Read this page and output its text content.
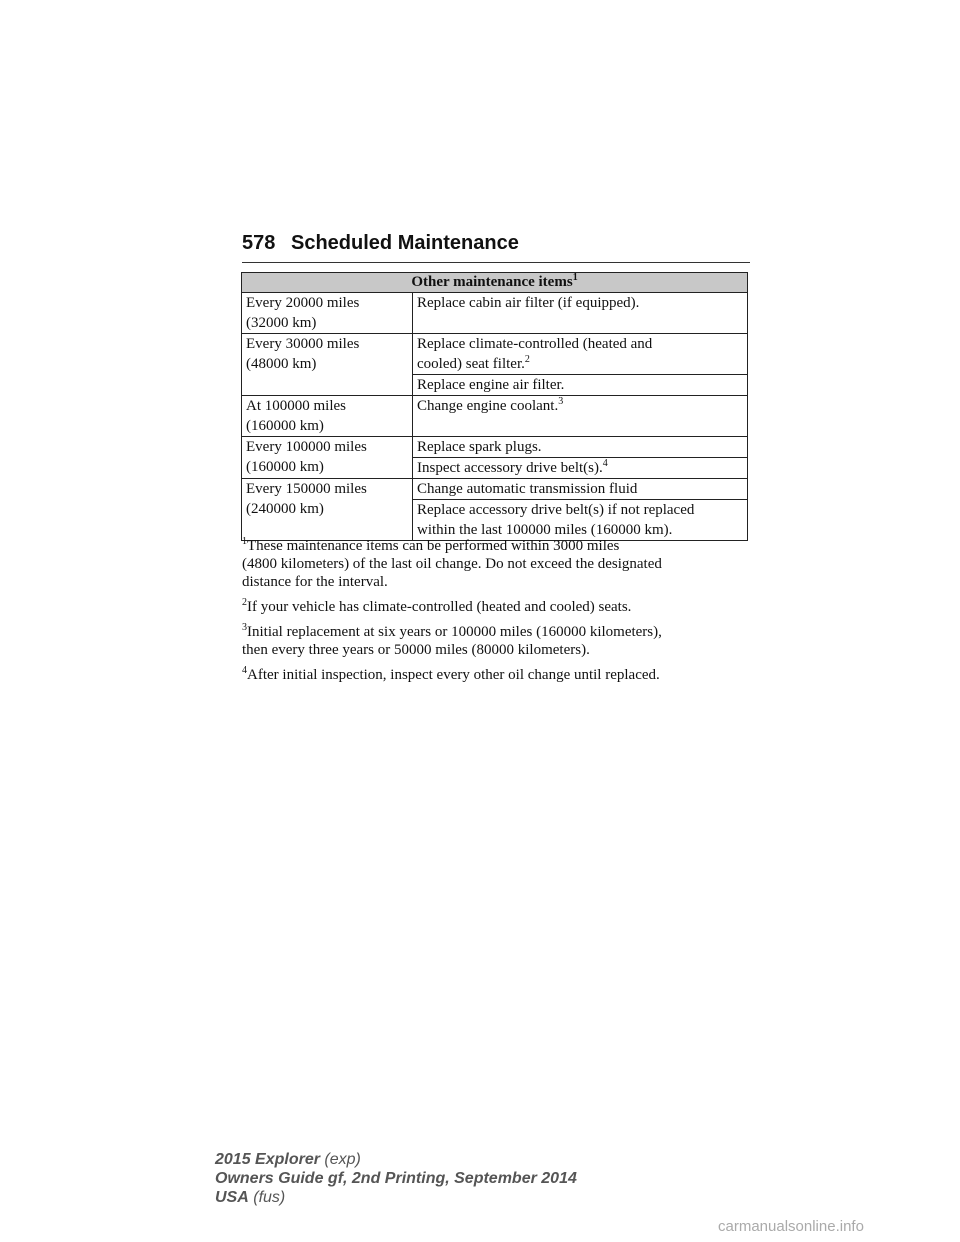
578 Scheduled Maintenance
Other maintenance items$^1$
Every 20000 miles
(32000 km)	Replace cabin air filter (if equipped).
Every 30000 miles
(48000 km)	Replace climate-controlled (heated and
cooled) seat filter.$^2$
	Replace engine air filter.
At 100000 miles
(160000 km)	Change engine coolant.$^3$
Every 100000 miles
(160000 km)	Replace spark plugs.
	Inspect accessory drive belt(s).$^4$
Every 150000 miles
(240000 km)	Change automatic transmission fluid
	Replace accessory drive belt(s) if not replaced
within the last 100000 miles (160000 km).

$^1$These maintenance items can be performed within 3000 miles
(4800 kilometers) of the last oil change. Do not exceed the designated
distance for the interval.

$^2$If your vehicle has climate-controlled (heated and cooled) seats.

$^3$Initial replacement at six years or 100000 miles (160000 kilometers),
then every three years or 50000 miles (80000 kilometers).

$^4$After initial inspection, inspect every other oil change until replaced.

2015 Explorer (exp)
Owners Guide gf, 2nd Printing, September 2014
USA (fus)
carmanualsonline.info
